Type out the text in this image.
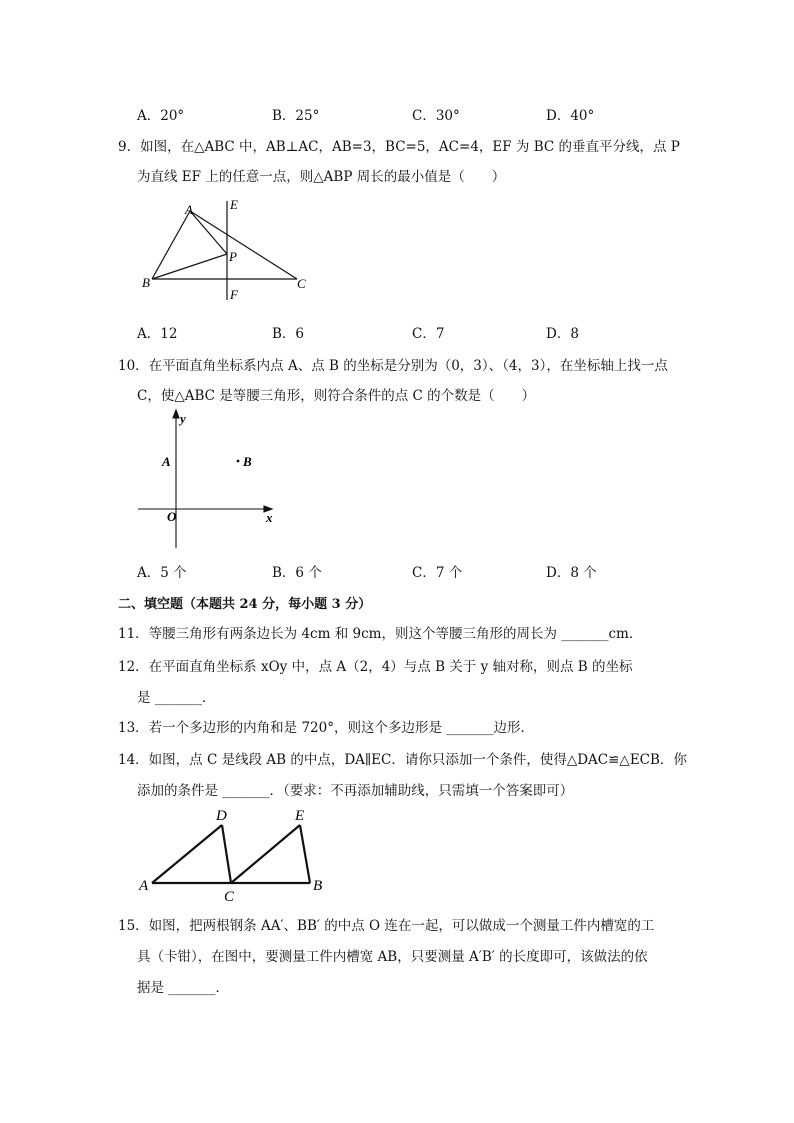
A．20°	B．25°	C．30°	D．40°
9．如图，在△ABC 中，AB⊥AC，AB=3，BC=5，AC=4，EF 为 BC 的垂直平分线，点 P
为直线 EF 上的任意一点，则△ABP 周长的最小值是（　　）
A	E
P
B	C
F
A．12	B．6	C．7	D．8
10．在平面直角坐标系内点 A、点 B 的坐标是分别为（0，3）、（4，3），在坐标轴上找一点
C，使△ABC 是等腰三角形，则符合条件的点 C 的个数是（　　）
y
A	B
O	x
A．5 个	B．6 个	C．7 个	D．8 个
二、填空题（本题共 24 分，每小题 3 分）
11．等腰三角形有两条边长为 4cm 和 9cm，则这个等腰三角形的周长为 _______cm．
12．在平面直角坐标系 xOy 中，点 A（2，4）与点 B 关于 y 轴对称，则点 B 的坐标
是 _______．
13．若一个多边形的内角和是 720°，则这个多边形是 _______边形．
14．如图，点 C 是线段 AB 的中点，DA∥EC．请你只添加一个条件，使得△DAC≌△ECB．你
添加的条件是 _______．（要求：不再添加辅助线，只需填一个答案即可）
D	E
A
C
B
15．如图，把两根钢条 AA′、BB′ 的中点 O 连在一起，可以做成一个测量工件内槽宽的工
具（卡钳），在图中，要测量工件内槽宽 AB，只要测量 A′B′ 的长度即可，该做法的依
据是 _______．
